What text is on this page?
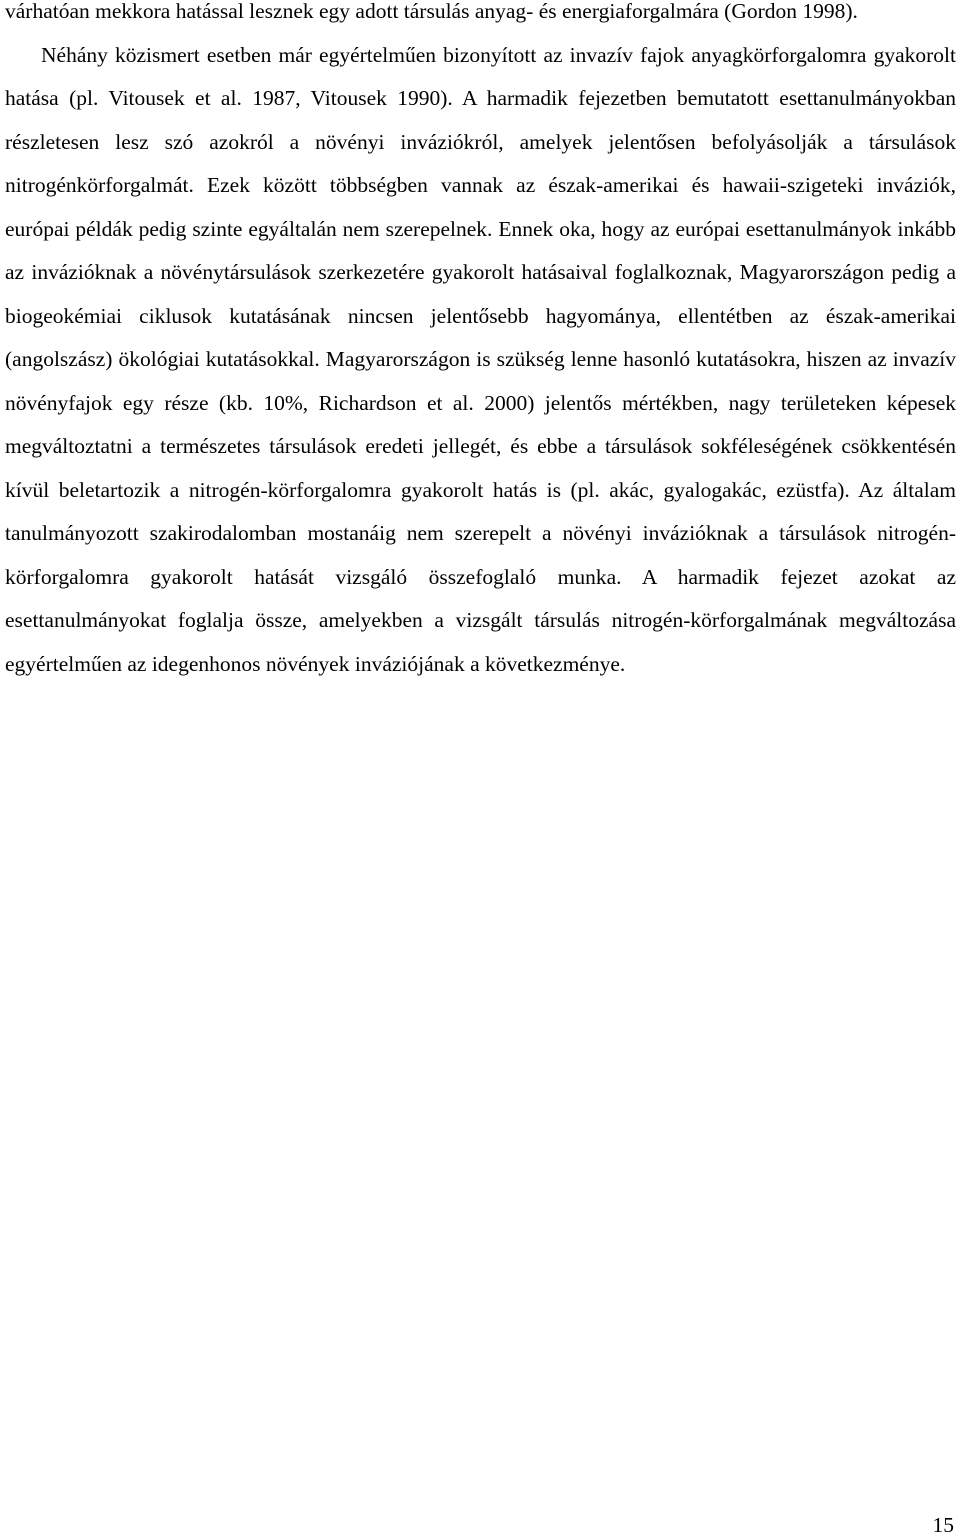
várhatóan mekkora hatással lesznek egy adott társulás anyag- és energiaforgalmára (Gordon 1998).

Néhány közismert esetben már egyértelműen bizonyított az invazív fajok anyagkörforgalomra gyakorolt hatása (pl. Vitousek et al. 1987, Vitousek 1990). A harmadik fejezetben bemutatott esettanulmányokban részletesen lesz szó azokról a növényi inváziókról, amelyek jelentősen befolyásolják a társulások nitrogénkörforgalmát. Ezek között többségben vannak az észak-amerikai és hawaii-szigeteki inváziók, európai példák pedig szinte egyáltalán nem szerepelnek. Ennek oka, hogy az európai esettanulmányok inkább az invázióknak a növénytársulások szerkezetére gyakorolt hatásaival foglalkoznak, Magyarországon pedig a biogeokémiai ciklusok kutatásának nincsen jelentősebb hagyománya, ellentétben az észak-amerikai (angolszász) ökológiai kutatásokkal. Magyarországon is szükség lenne hasonló kutatásokra, hiszen az invazív növényfajok egy része (kb. 10%, Richardson et al. 2000) jelentős mértékben, nagy területeken képesek megváltoztatni a természetes társulások eredeti jellegét, és ebbe a társulások sokféleségének csökkentésén kívül beletartozik a nitrogén-körforgalomra gyakorolt hatás is (pl. akác, gyalogakác, ezüstfa). Az általam tanulmányozott szakirodalomban mostanáig nem szerepelt a növényi invázióknak a társulások nitrogén-körforgalomra gyakorolt hatását vizsgáló összefoglaló munka. A harmadik fejezet azokat az esettanulmányokat foglalja össze, amelyekben a vizsgált társulás nitrogén-körforgalmának megváltozása egyértelműen az idegenhonos növények inváziójának a következménye.

15
